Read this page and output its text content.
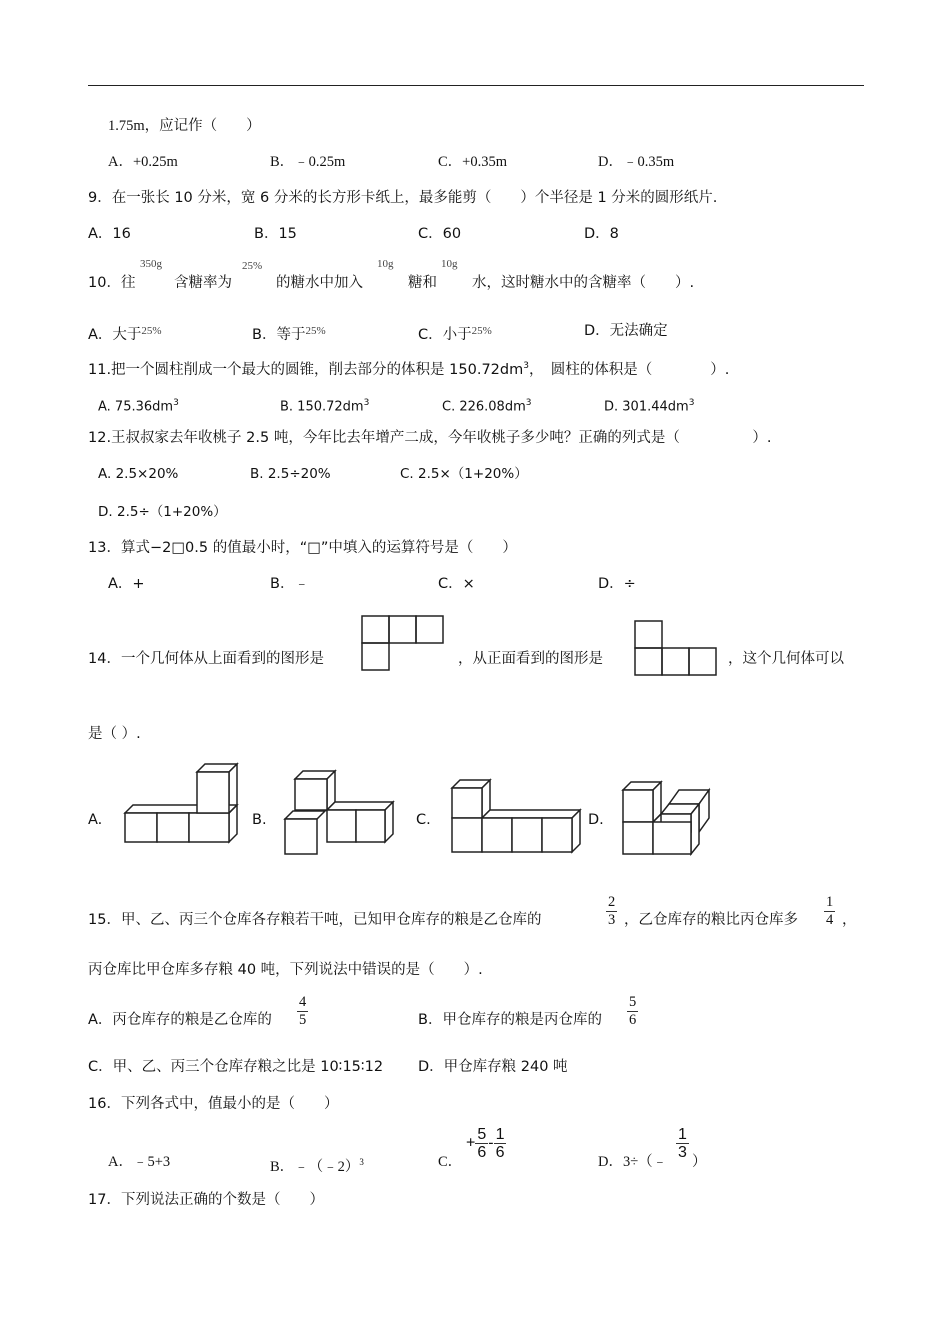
1.75m，应记作（　　）
A．+0.25m	B．﹣0.25m	C．+0.35m	D．﹣0.35m
9．在一张长 10 分米，宽 6 分米的长方形卡纸上，最多能剪（　　）个半径是 1 分米的圆形纸片.
A．16	B．15	C．60	D．8
10．往
350g
含糖率为
25%
的糖水中加入
10g
糖和
10g
水，这时糖水中的含糖率（　　）.
A．大于$^{25\%}$	B．等于$^{25\%}$	C．小于$^{25\%}$	D．无法确定
11.把一个圆柱削成一个最大的圆锥，削去部分的体积是 $150.72dm^3$，　圆柱的体积是（　　　　）.
A. $75.36dm^3$	B. $150.72dm^3$	C. $226.08dm^3$	D. $301.44dm^3$
12.王叔叔家去年收桃子 2.5 吨，今年比去年增产二成，今年收桃子多少吨？正确的列式是（　　　　　）.
A. 2.5×20%	B. 2.5÷20%	C. 2.5×（1+20%）
D. 2.5÷（1+20%）
13．算式−2□0.5 的值最小时，“□”中填入的运算符号是（　　）
A．+	B．﹣	C．×	D．÷
14．一个几何体从上面看到的图形是	，从正面看到的图形是	，这个几何体可以
是（ ）.
A.	B.	C.	D.
15．甲、乙、丙三个仓库各存粮若干吨，已知甲仓库存的粮是乙仓库的	$\frac{2}{3}$ ，乙仓库存的粮比丙仓库多 $\frac{1}{4}$ ，
丙仓库比甲仓库多存粮 40 吨，下列说法中错误的是（　　）.
A．丙仓库存的粮是乙仓库的 $\frac{4}{5}$	B．甲仓库存的粮是丙仓库的 $\frac{5}{6}$
C．甲、乙、丙三个仓库存粮之比是 10∶15∶12 D．甲仓库存粮 240 吨
16．下列各式中，值最小的是（　　）
A．﹣5+3	B．﹣（﹣2）$^3$	C．
+ $\frac{5}{6} - \frac{1}{6}$
D．3÷（﹣
$\frac{1}{3}$
）
17．下列说法正确的个数是（　　）
